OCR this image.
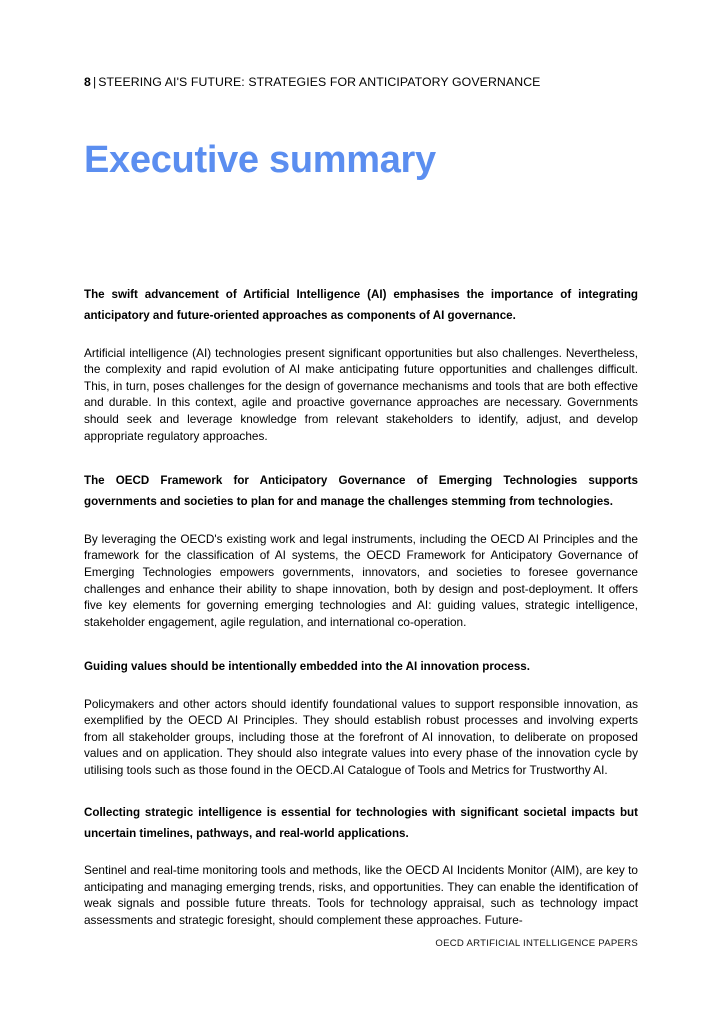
8 | STEERING AI'S FUTURE: STRATEGIES FOR ANTICIPATORY GOVERNANCE
Executive summary

The swift advancement of Artificial Intelligence (AI) emphasises the importance of integrating anticipatory and future-oriented approaches as components of AI governance.

Artificial intelligence (AI) technologies present significant opportunities but also challenges. Nevertheless, the complexity and rapid evolution of AI make anticipating future opportunities and challenges difficult. This, in turn, poses challenges for the design of governance mechanisms and tools that are both effective and durable. In this context, agile and proactive governance approaches are necessary. Governments should seek and leverage knowledge from relevant stakeholders to identify, adjust, and develop appropriate regulatory approaches.

The OECD Framework for Anticipatory Governance of Emerging Technologies supports governments and societies to plan for and manage the challenges stemming from technologies.

By leveraging the OECD's existing work and legal instruments, including the OECD AI Principles and the framework for the classification of AI systems, the OECD Framework for Anticipatory Governance of Emerging Technologies empowers governments, innovators, and societies to foresee governance challenges and enhance their ability to shape innovation, both by design and post-deployment. It offers five key elements for governing emerging technologies and AI: guiding values, strategic intelligence, stakeholder engagement, agile regulation, and international co-operation.

Guiding values should be intentionally embedded into the AI innovation process.

Policymakers and other actors should identify foundational values to support responsible innovation, as exemplified by the OECD AI Principles. They should establish robust processes and involving experts from all stakeholder groups, including those at the forefront of AI innovation, to deliberate on proposed values and on application. They should also integrate values into every phase of the innovation cycle by utilising tools such as those found in the OECD.AI Catalogue of Tools and Metrics for Trustworthy AI.

Collecting strategic intelligence is essential for technologies with significant societal impacts but uncertain timelines, pathways, and real-world applications.

Sentinel and real-time monitoring tools and methods, like the OECD AI Incidents Monitor (AIM), are key to anticipating and managing emerging trends, risks, and opportunities. They can enable the identification of weak signals and possible future threats. Tools for technology appraisal, such as technology impact assessments and strategic foresight, should complement these approaches. Future-

OECD ARTIFICIAL INTELLIGENCE PAPERS
